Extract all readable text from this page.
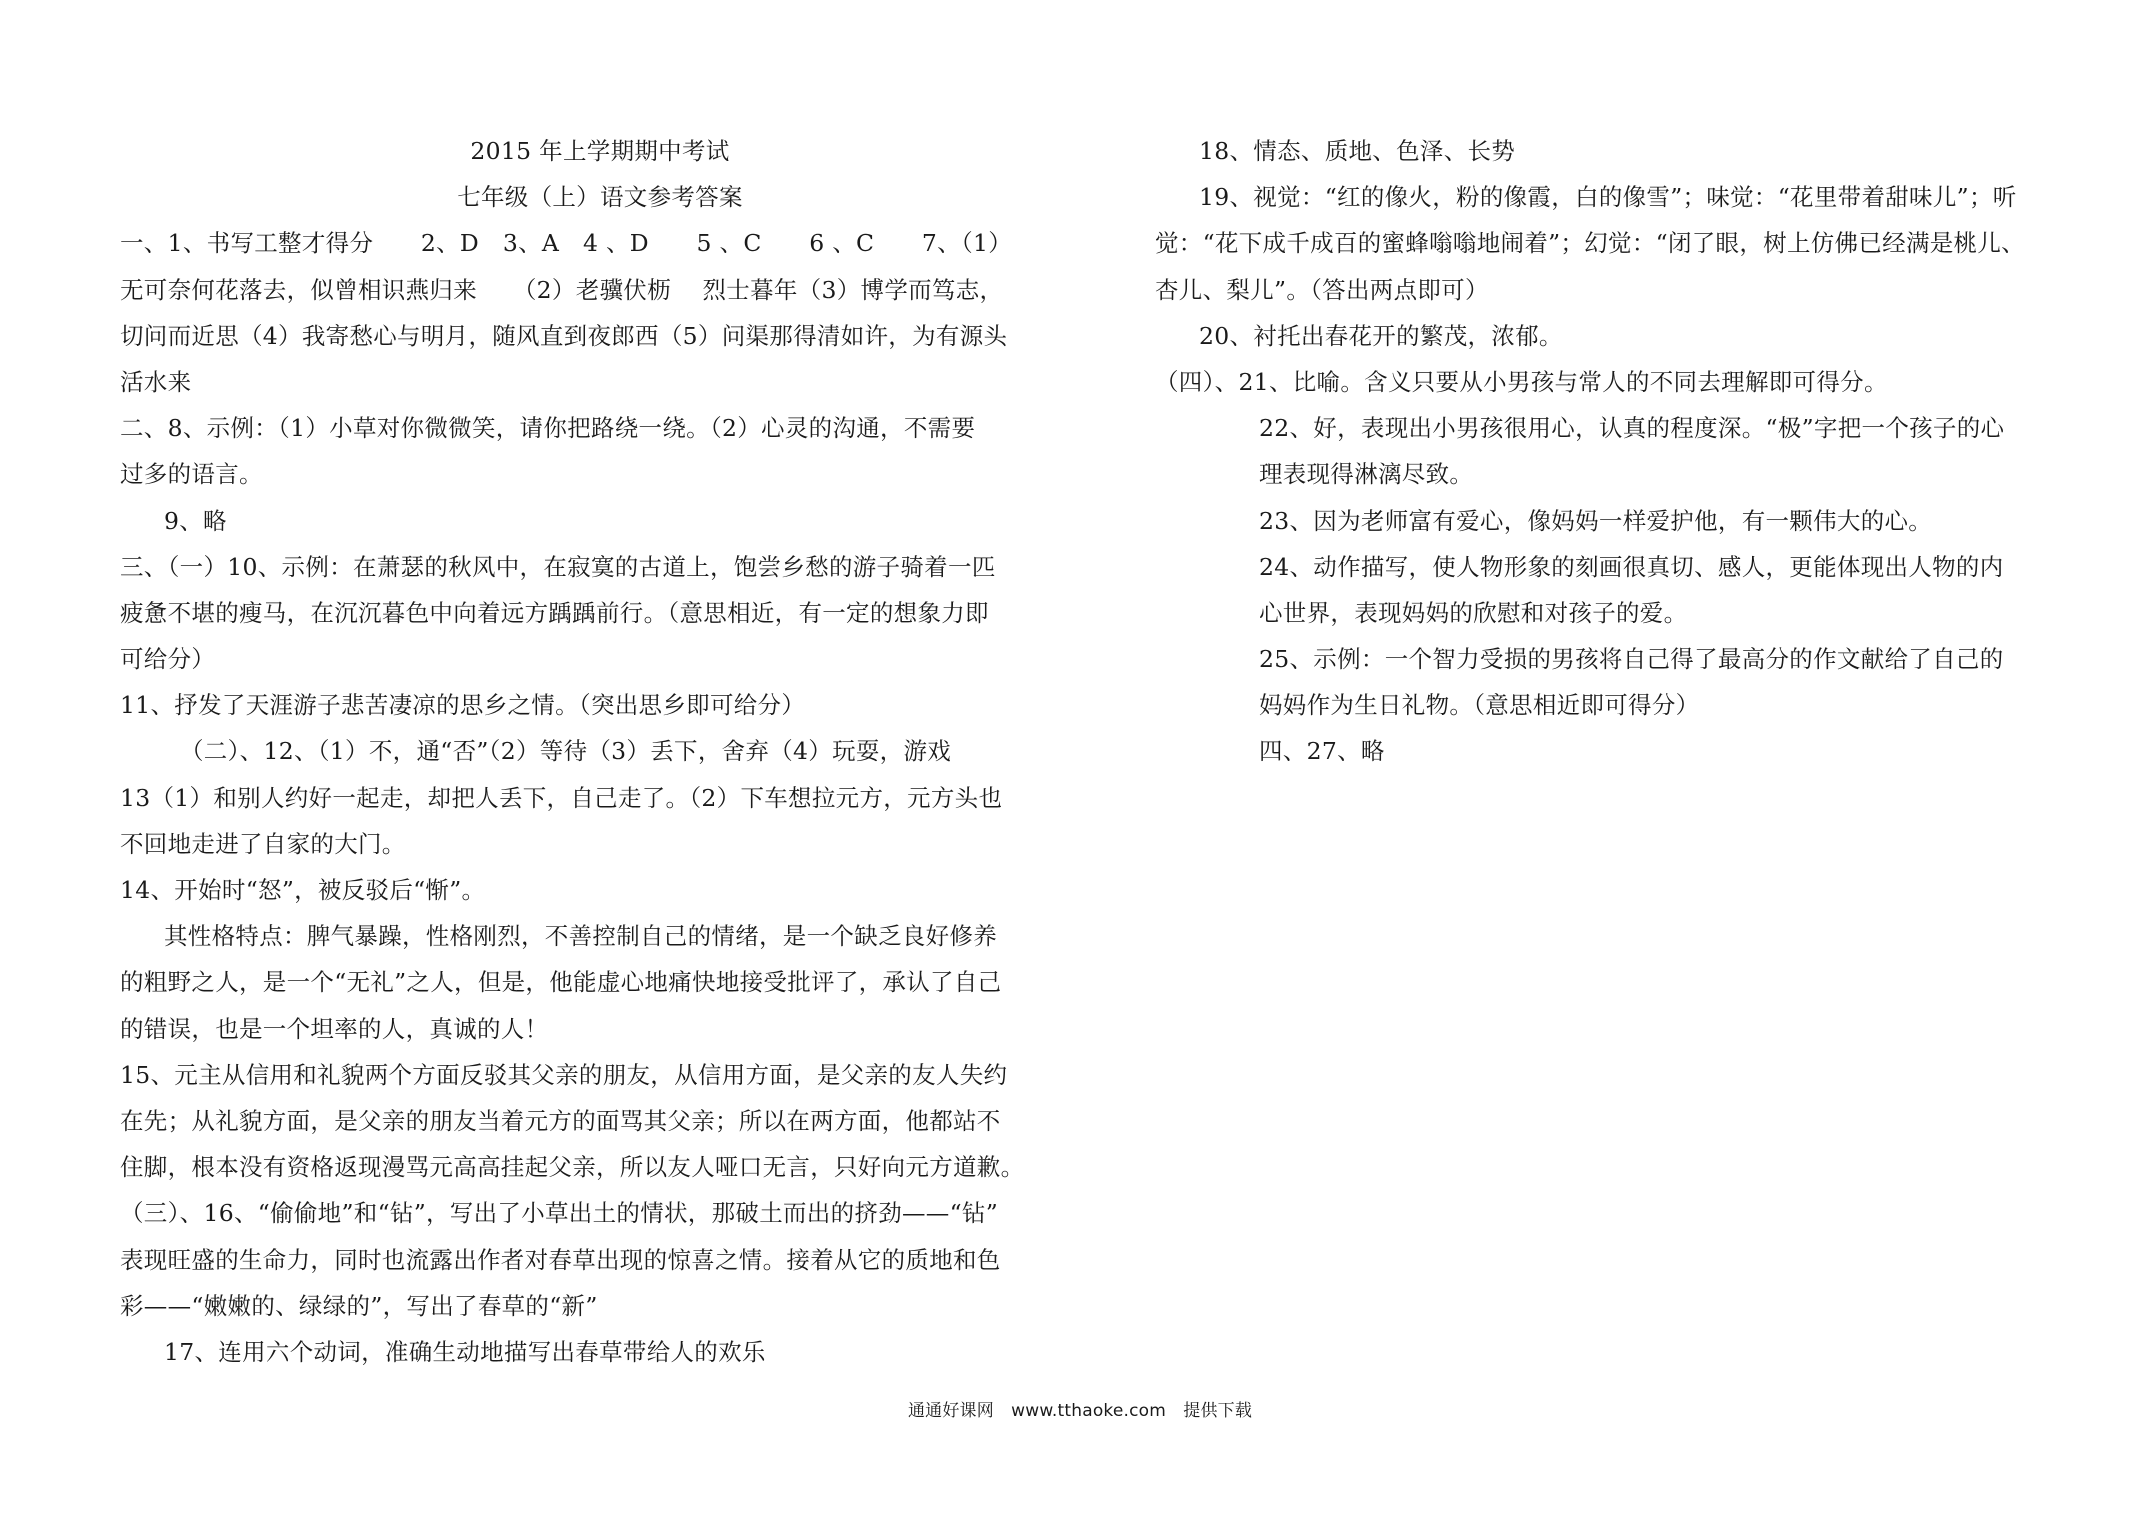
2015 年上学期期中考试
七年级（上）语文参考答案
一、1、书写工整才得分　　2、D　3、A　4 、D　　5 、C　　6 、C　　7、（1）
无可奈何花落去，似曾相识燕归来　　（2）老骥伏枥　 烈士暮年（3）博学而笃志，
切问而近思（4）我寄愁心与明月，随风直到夜郎西（5）问渠那得清如许，为有源头
活水来
二、8、示例：（1）小草对你微微笑，请你把路绕一绕。（2）心灵的沟通，不需要
过多的语言。
9、略
三、（一）10、示例：在萧瑟的秋风中，在寂寞的古道上，饱尝乡愁的游子骑着一匹
疲惫不堪的瘦马，在沉沉暮色中向着远方踽踽前行。（意思相近，有一定的想象力即
可给分）
11、抒发了天涯游子悲苦凄凉的思乡之情。（突出思乡即可给分）
（二）、12、（1）不，通“否”（2）等待（3）丢下，舍弃（4）玩耍，游戏
13（1）和别人约好一起走，却把人丢下，自己走了。（2）下车想拉元方，元方头也
不回地走进了自家的大门。
14、开始时“怒”，被反驳后“惭”。
其性格特点：脾气暴躁，性格刚烈，不善控制自己的情绪，是一个缺乏良好修养
的粗野之人，是一个“无礼”之人，但是，他能虚心地痛快地接受批评了，承认了自己
的错误，也是一个坦率的人，真诚的人！
15、元主从信用和礼貌两个方面反驳其父亲的朋友，从信用方面，是父亲的友人失约
在先；从礼貌方面，是父亲的朋友当着元方的面骂其父亲；所以在两方面，他都站不
住脚，根本没有资格返现漫骂元高高挂起父亲，所以友人哑口无言，只好向元方道歉。
（三）、16、“偷偷地”和“钻”，写出了小草出土的情状，那破土而出的挤劲——“钻”
表现旺盛的生命力，同时也流露出作者对春草出现的惊喜之情。接着从它的质地和色
彩——“嫩嫩的、绿绿的”，写出了春草的“新”
17、连用六个动词，准确生动地描写出春草带给人的欢乐
18、情态、质地、色泽、长势
19、视觉：“红的像火，粉的像霞，白的像雪”；味觉：“花里带着甜味儿”；听
觉：“花下成千成百的蜜蜂嗡嗡地闹着”；幻觉：“闭了眼，树上仿佛已经满是桃儿、
杏儿、梨儿”。（答出两点即可）
20、衬托出春花开的繁茂，浓郁。
（四）、21、比喻。含义只要从小男孩与常人的不同去理解即可得分。
22、好，表现出小男孩很用心，认真的程度深。“极”字把一个孩子的心
理表现得淋漓尽致。
23、因为老师富有爱心，像妈妈一样爱护他，有一颗伟大的心。
24、动作描写，使人物形象的刻画很真切、感人，更能体现出人物的内
心世界，表现妈妈的欣慰和对孩子的爱。
25、示例：一个智力受损的男孩将自己得了最高分的作文献给了自己的
妈妈作为生日礼物。（意思相近即可得分）
四、27、略
通通好课网　www.tthaoke.com　提供下载
